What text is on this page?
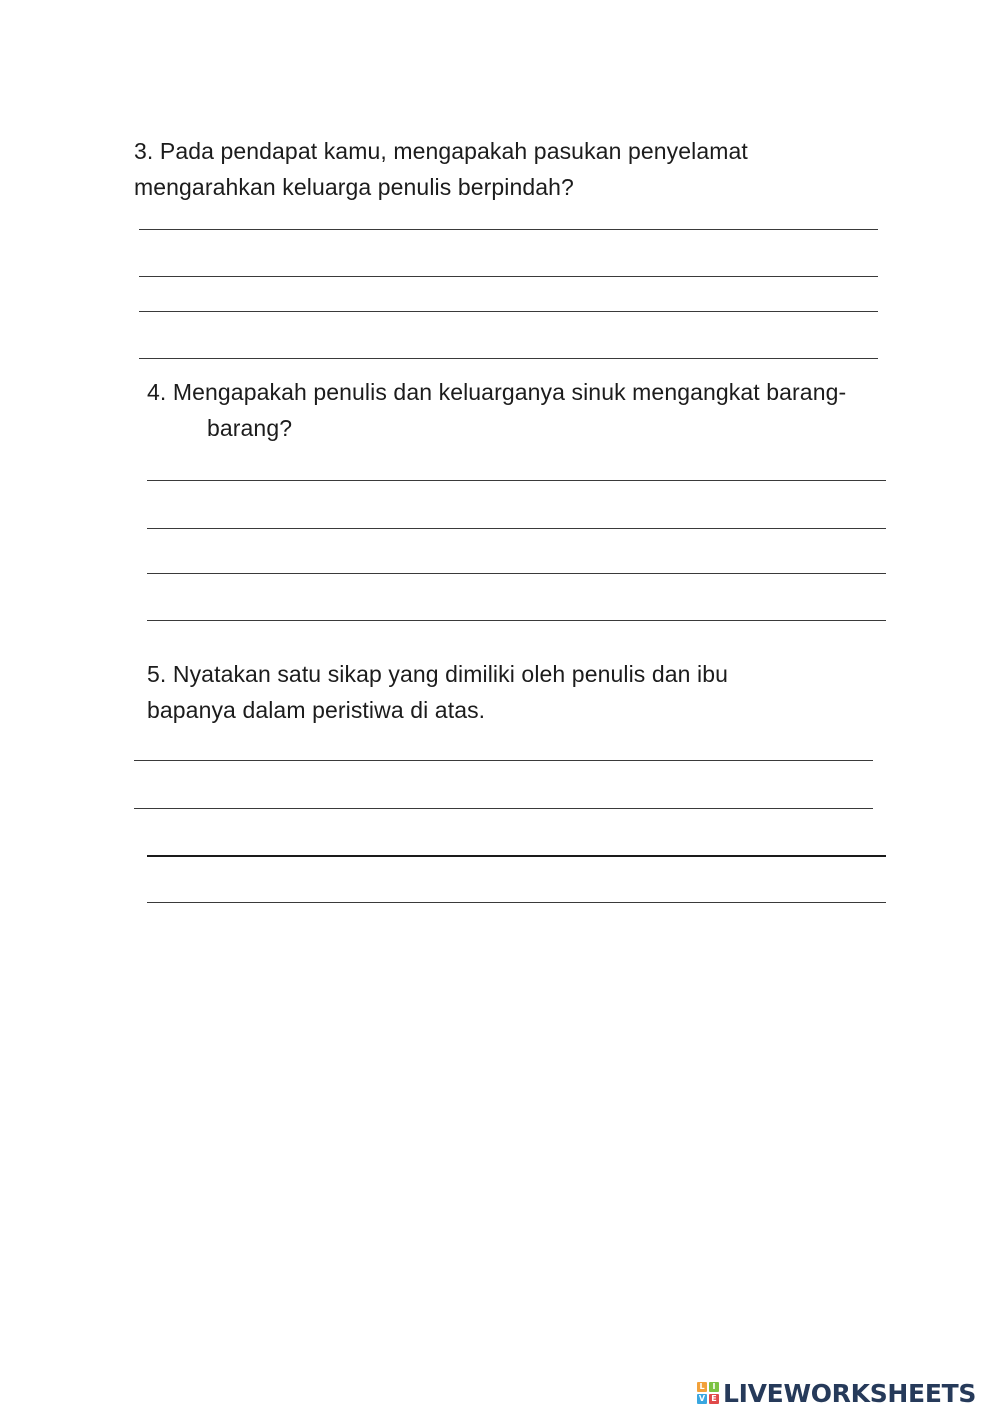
3. Pada pendapat kamu, mengapakah pasukan penyelamat
mengarahkan keluarga penulis berpindah?
4. Mengapakah penulis dan keluarganya sinuk mengangkat barang-
barang?
5. Nyatakan satu sikap yang dimiliki oleh penulis dan ibu
bapanya dalam peristiwa di atas.
L I
V E LIVEWORKSHEETS
